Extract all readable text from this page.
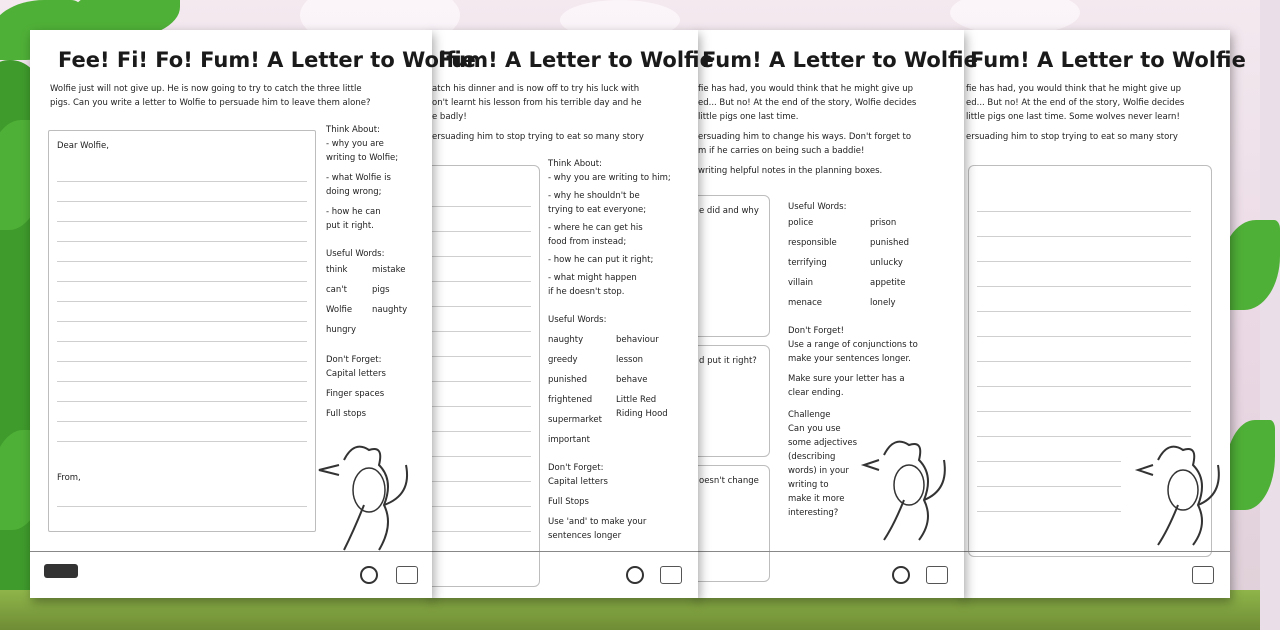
Fum! A Letter to Wolfie
fie has had, you would think that he might give up
ed... But no! At the end of the story, Wolfie decides
little pigs one last time. Some wolves never learn!
ersuading him to stop trying to eat so many story
Fum! A Letter to Wolfie
fie has had, you would think that he might give up
ed... But no! At the end of the story, Wolfie decides
little pigs one last time.
ersuading him to change his ways. Don't forget to
m if he carries on being such a baddie!
writing helpful notes in the planning boxes.
e did and why
d put it right?
oesn't change
Useful Words:
police
responsible
terrifying
villain
menace
prison
punished
unlucky
appetite
lonely
Don't Forget!
Use a range of conjunctions to
make your sentences longer.
Make sure your letter has a
clear ending.
Challenge
Can you use
some adjectives
(describing
words) in your
writing to
make it more
interesting?
Fum! A Letter to Wolfie
atch his dinner and is now off to try his luck with
on't learnt his lesson from his terrible day and he
e badly!
ersuading him to stop trying to eat so many story
Think About:
- why you are writing to him;
- why he shouldn't be
trying to eat everyone;
- where he can get his
food from instead;
- how he can put it right;
- what might happen
if he doesn't stop.
Useful Words:
naughty
greedy
punished
frightened
supermarket
important
behaviour
lesson
behave
Little Red
Riding Hood
Don't Forget:
Capital letters
Full Stops
Use 'and' to make your
sentences longer
Fee! Fi! Fo! Fum! A Letter to Wolfie
Wolfie just will not give up. He is now going to try to catch the three little
pigs. Can you write a letter to Wolfie to persuade him to leave them alone?
Dear Wolfie,
From,
Think About:
- why you are
writing to Wolfie;
- what Wolfie is
doing wrong;
- how he can
put it right.
Useful Words:
think
can't
Wolfie
hungry
mistake
pigs
naughty
Don't Forget:
Capital letters
Finger spaces
Full stops
